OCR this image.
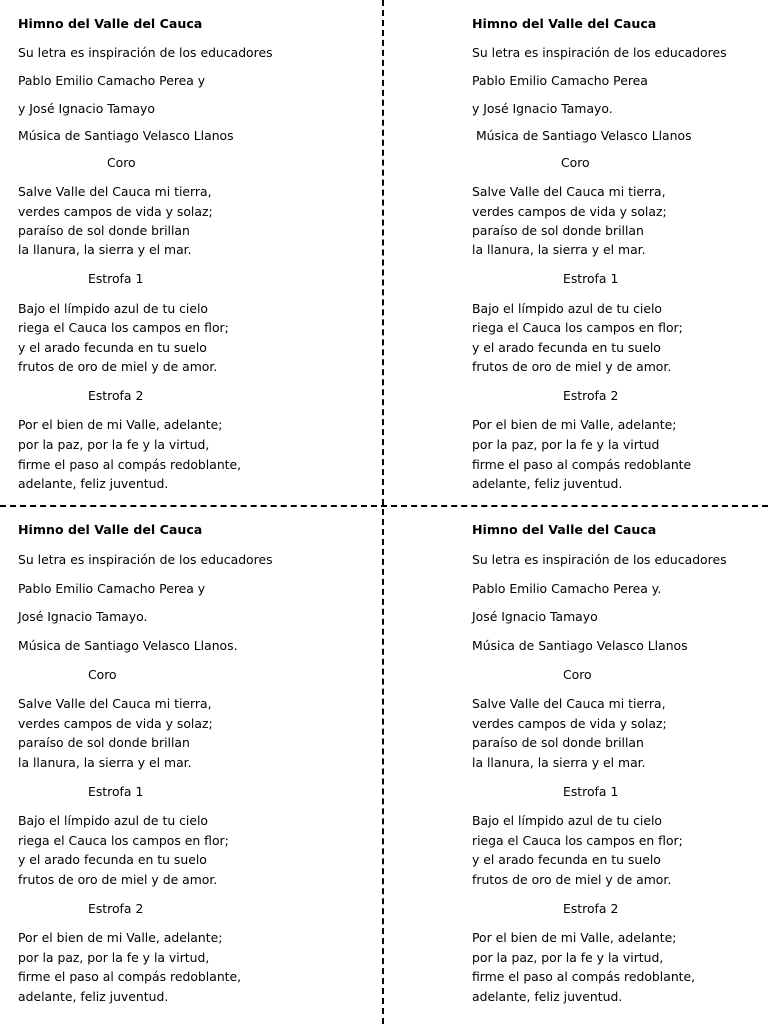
Himno del Valle del Cauca

Su letra es inspiración de los educadores

Pablo Emilio Camacho Perea y

y José Ignacio Tamayo

Música de Santiago Velasco Llanos

Coro

Salve Valle del Cauca mi tierra,

verdes campos de vida y solaz;

paraíso de sol donde brillan

la llanura, la sierra y el mar.

Estrofa 1

Bajo el límpido azul de tu cielo

riega el Cauca los campos en flor;

y el arado fecunda en tu suelo

frutos de oro de miel y de amor.

Estrofa 2

Por el bien de mi Valle, adelante;

por la paz, por la fe y la virtud,

firme el paso al compás redoblante,

adelante, feliz juventud.

Himno del Valle del Cauca

Su letra es inspiración de los educadores

Pablo Emilio Camacho Perea

y José Ignacio Tamayo.

Música de Santiago Velasco Llanos

Coro

Salve Valle del Cauca mi tierra,

verdes campos de vida y solaz;

paraíso de sol donde brillan

la llanura, la sierra y el mar.

Estrofa 1

Bajo el límpido azul de tu cielo

riega el Cauca los campos en flor;

y el arado fecunda en tu suelo

frutos de oro de miel y de amor.

Estrofa 2

Por el bien de mi Valle, adelante;

por la paz, por la fe y la virtud

firme el paso al compás redoblante

adelante, feliz juventud.

Himno del Valle del Cauca

Su letra es inspiración de los educadores

Pablo Emilio Camacho Perea y

José Ignacio Tamayo.

Música de Santiago Velasco Llanos.

Coro

Salve Valle del Cauca mi tierra,

verdes campos de vida y solaz;

paraíso de sol donde brillan

la llanura, la sierra y el mar.

Estrofa 1

Bajo el límpido azul de tu cielo

riega el Cauca los campos en flor;

y el arado fecunda en tu suelo

frutos de oro de miel y de amor.

Estrofa 2

Por el bien de mi Valle, adelante;

por la paz, por la fe y la virtud,

firme el paso al compás redoblante,

adelante, feliz juventud.

Himno del Valle del Cauca

Su letra es inspiración de los educadores

Pablo Emilio Camacho Perea y.

José Ignacio Tamayo

Música de Santiago Velasco Llanos

Coro

Salve Valle del Cauca mi tierra,

verdes campos de vida y solaz;

paraíso de sol donde brillan

la llanura, la sierra y el mar.

Estrofa 1

Bajo el límpido azul de tu cielo

riega el Cauca los campos en flor;

y el arado fecunda en tu suelo

frutos de oro de miel y de amor.

Estrofa 2

Por el bien de mi Valle, adelante;

por la paz, por la fe y la virtud,

firme el paso al compás redoblante,

adelante, feliz juventud.
